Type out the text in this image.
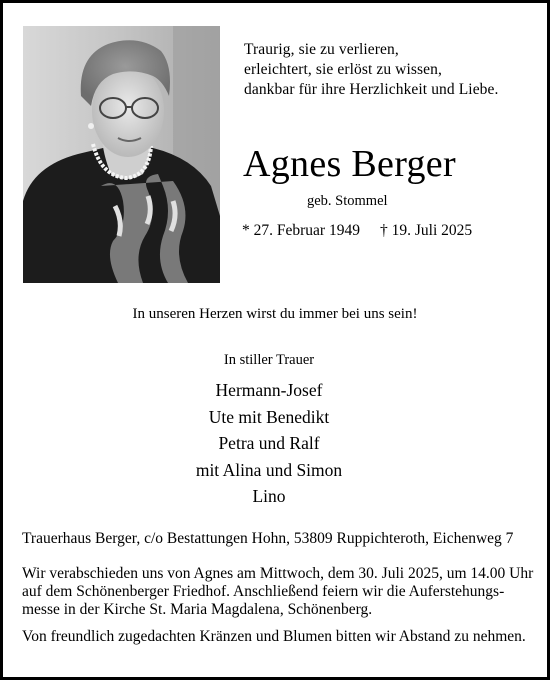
Traurig, sie zu verlieren,
erleichtert, sie erlöst zu wissen,
dankbar für ihre Herzlichkeit und Liebe.
Agnes Berger
geb. Stommel
* 27. Februar 1949 † 19. Juli 2025
In unseren Herzen wirst du immer bei uns sein!
In stiller Trauer
Hermann-Josef
Ute mit Benedikt
Petra und Ralf
mit Alina und Simon
Lino
Trauerhaus Berger, c/o Bestattungen Hohn, 53809 Ruppichteroth, Eichenweg 7
Wir verabschieden uns von Agnes am Mittwoch, dem 30. Juli 2025, um 14.00 Uhr
auf dem Schönenberger Friedhof. Anschließend feiern wir die Auferstehungs-
messe in der Kirche St. Maria Magdalena, Schönenberg.
Von freundlich zugedachten Kränzen und Blumen bitten wir Abstand zu nehmen.
